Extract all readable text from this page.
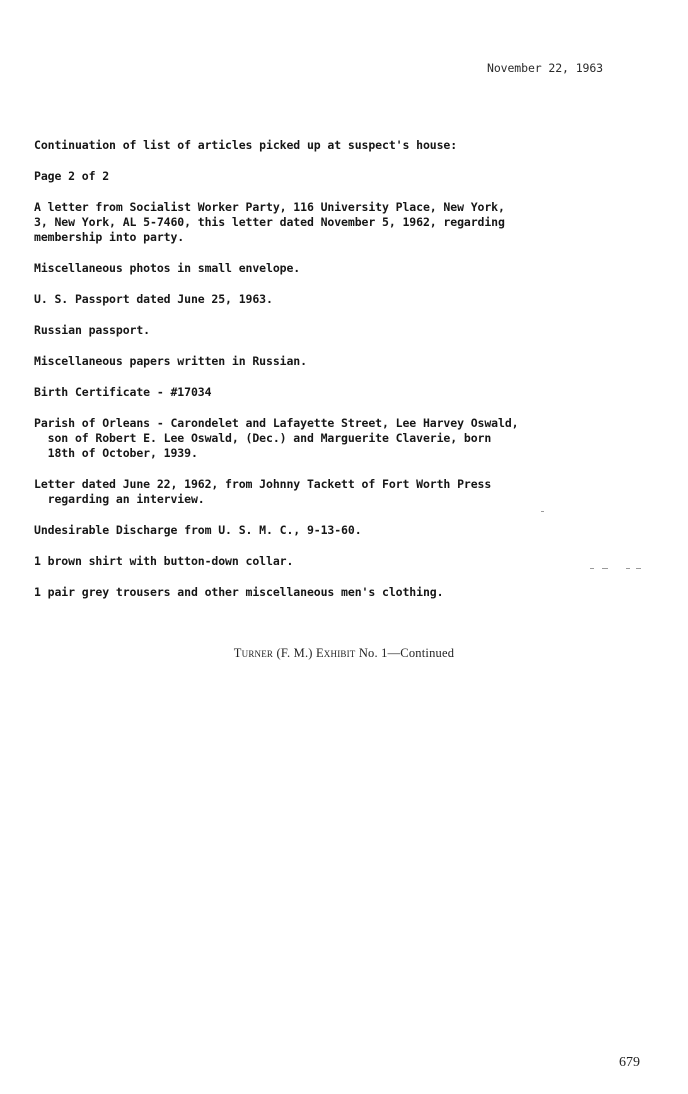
November 22, 1963

Continuation of list of articles picked up at suspect's house:

Page 2 of 2

A letter from Socialist Worker Party, 116 University Place, New York,
3, New York, AL 5-7460, this letter dated November 5, 1962, regarding
membership into party.

Miscellaneous photos in small envelope.

U. S. Passport dated June 25, 1963.

Russian passport.

Miscellaneous papers written in Russian.

Birth Certificate - #17034

Parish of Orleans - Carondelet and Lafayette Street, Lee Harvey Oswald,
son of Robert E. Lee Oswald, (Dec.) and Marguerite Claverie, born
18th of October, 1939.

Letter dated June 22, 1962, from Johnny Tackett of Fort Worth Press
regarding an interview.

Undesirable Discharge from U. S. M. C., 9-13-60.

1 brown shirt with button-down collar.

1 pair grey trousers and other miscellaneous men's clothing.

Turner (F. M.) Exhibit No. 1—Continued
679
